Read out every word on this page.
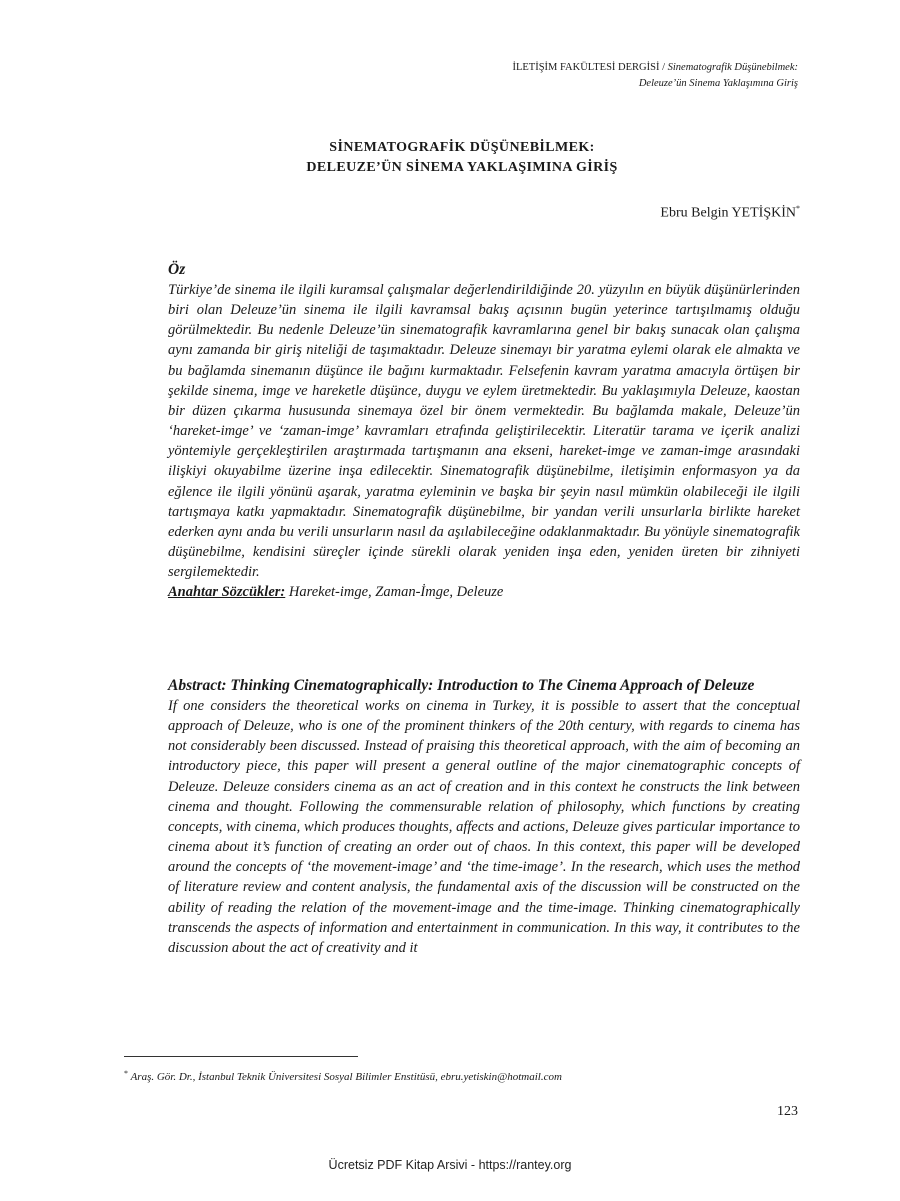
İLETİŞİM FAKÜLTESİ DERGİSİ / Sinematografik Düşünebilmek:
Deleuze’ün Sinema Yaklaşımına Giriş
SİNEMATOGRAFİK DÜŞÜNEBİLMEK:
DELEUZE’ÜN SİNEMA YAKLAŞIMINA GİRİŞ
Ebru Belgin YETİŞKİN*
Öz
Türkiye’de sinema ile ilgili kuramsal çalışmalar değerlendirildiğinde 20. yüzyılın en büyük düşünürlerinden biri olan Deleuze’ün sinema ile ilgili kavramsal bakış açısının bugün yeterince tartışılmamış olduğu görülmektedir. Bu nedenle Deleuze’ün sinematografik kavramlarına genel bir bakış sunacak olan çalışma aynı zamanda bir giriş niteliği de taşımaktadır. Deleuze sinemayı bir yaratma eylemi olarak ele almakta ve bu bağlamda sinemanın düşünce ile bağını kurmaktadır. Felsefenin kavram yaratma amacıyla örtüşen bir şekilde sinema, imge ve hareketle düşünce, duygu ve eylem üretmektedir. Bu yaklaşımıyla Deleuze, kaostan bir düzen çıkarma hususunda sinemaya özel bir önem vermektedir. Bu bağlamda makale, Deleuze’ün ‘hareket-imge’ ve ‘zaman-imge’ kavramları etrafında geliştirilecektir. Literatür tarama ve içerik analizi yöntemiyle gerçekleştirilen araştırmada tartışmanın ana ekseni, hareket-imge ve zaman-imge arasındaki ilişkiyi okuyabilme üzerine inşa edilecektir. Sinematografik düşünebilme, iletişimin enformasyon ya da eğlence ile ilgili yönünü aşarak, yaratma eyleminin ve başka bir şeyin nasıl mümkün olabileceği ile ilgili tartışmaya katkı yapmaktadır. Sinematografik düşünebilme, bir yandan verili unsurlarla birlikte hareket ederken aynı anda bu verili unsurların nasıl da aşılabileceğine odaklanmaktadır. Bu yönüyle sinematografik düşünebilme, kendisini süreçler içinde sürekli olarak yeniden inşa eden, yeniden üreten bir zihniyeti sergilemektedir.
Anahtar Sözcükler: Hareket-imge, Zaman-İmge, Deleuze
Abstract: Thinking Cinematographically: Introduction to The Cinema Approach of Deleuze
If one considers the theoretical works on cinema in Turkey, it is possible to assert that the conceptual approach of Deleuze, who is one of the prominent thinkers of the 20th century, with regards to cinema has not considerably been discussed. Instead of praising this theoretical approach, with the aim of becoming an introductory piece, this paper will present a general outline of the major cinematographic concepts of Deleuze. Deleuze considers cinema as an act of creation and in this context he constructs the link between cinema and thought. Following the commensurable relation of philosophy, which functions by creating concepts, with cinema, which produces thoughts, affects and actions, Deleuze gives particular importance to cinema about it’s function of creating an order out of chaos. In this context, this paper will be developed around the concepts of ‘the movement-image’ and ‘the time-image’. In the research, which uses the method of literature review and content analysis, the fundamental axis of the discussion will be constructed on the ability of reading the relation of the movement-image and the time-image. Thinking cinematographically transcends the aspects of information and entertainment in communication. In this way, it contributes to the discussion about the act of creativity and it
* Araş. Gör. Dr., İstanbul Teknik Üniversitesi Sosyal Bilimler Enstitüsü, ebru.yetiskin@hotmail.com
123
Ücretsiz PDF Kitap Arsivi - https://rantey.org
